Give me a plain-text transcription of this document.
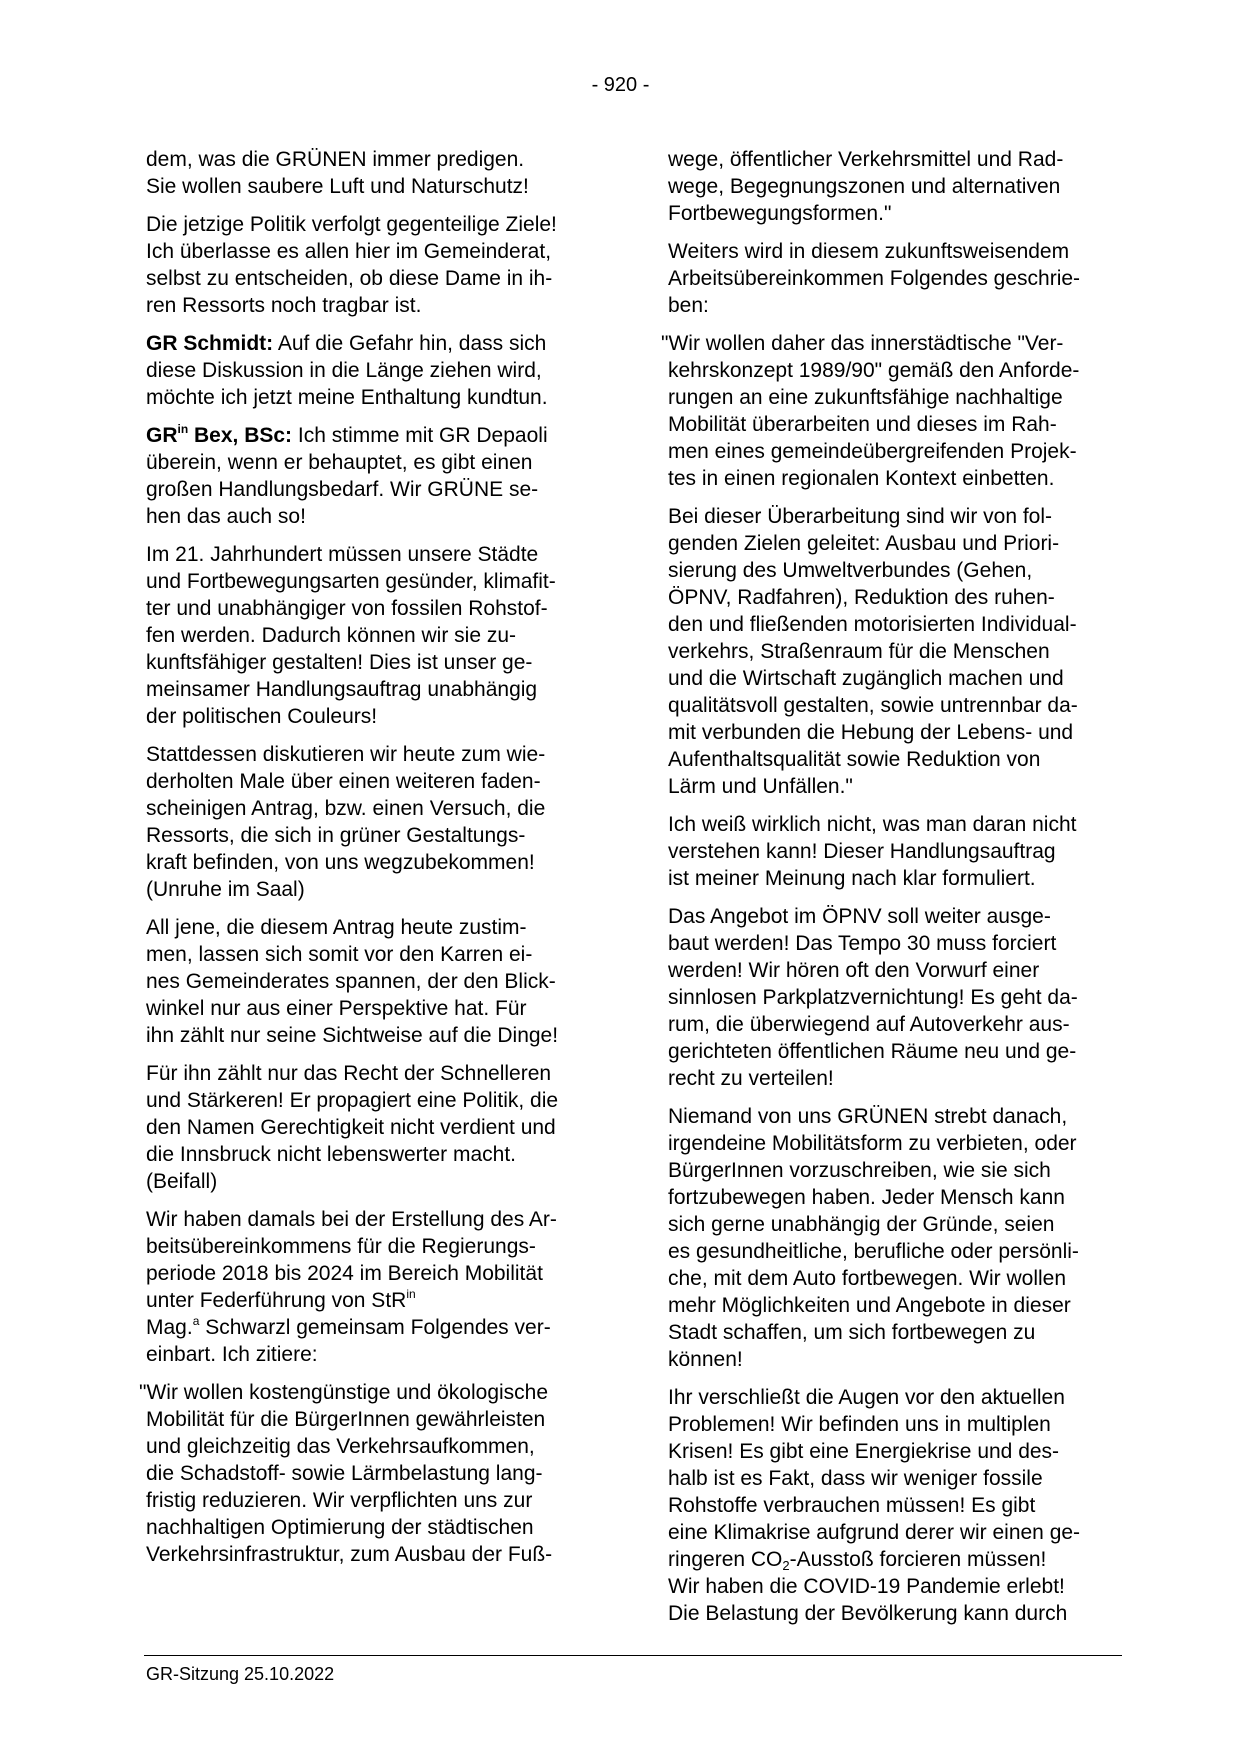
- 920 -

dem, was die GRÜNEN immer predigen.
Sie wollen saubere Luft und Naturschutz!

Die jetzige Politik verfolgt gegenteilige Ziele!
Ich überlasse es allen hier im Gemeinderat,
selbst zu entscheiden, ob diese Dame in ih-
ren Ressorts noch tragbar ist.

GR Schmidt: Auf die Gefahr hin, dass sich
diese Diskussion in die Länge ziehen wird,
möchte ich jetzt meine Enthaltung kundtun.

$GR^{in}$ Bex, BSc: Ich stimme mit GR Depaoli
überein, wenn er behauptet, es gibt einen
großen Handlungsbedarf. Wir GRÜNE se-
hen das auch so!

Im 21. Jahrhundert müssen unsere Städte
und Fortbewegungsarten gesünder, klimafit-
ter und unabhängiger von fossilen Rohstof-
fen werden. Dadurch können wir sie zu-
kunftsfähiger gestalten! Dies ist unser ge-
meinsamer Handlungsauftrag unabhängig
der politischen Couleurs!

Stattdessen diskutieren wir heute zum wie-
derholten Male über einen weiteren faden-
scheinigen Antrag, bzw. einen Versuch, die
Ressorts, die sich in grüner Gestaltungs-
kraft befinden, von uns wegzubekommen!
(Unruhe im Saal)

All jene, die diesem Antrag heute zustim-
men, lassen sich somit vor den Karren ei-
nes Gemeinderates spannen, der den Blick-
winkel nur aus einer Perspektive hat. Für
ihn zählt nur seine Sichtweise auf die Dinge!

Für ihn zählt nur das Recht der Schnelleren
und Stärkeren! Er propagiert eine Politik, die
den Namen Gerechtigkeit nicht verdient und
die Innsbruck nicht lebenswerter macht.
(Beifall)

Wir haben damals bei der Erstellung des Ar-
beitsübereinkommens für die Regierungs-
periode 2018 bis 2024 im Bereich Mobilität
unter Federführung von StR$^{in}$
Mag.$^a$ Schwarzl gemeinsam Folgendes ver-
einbart. Ich zitiere:

"Wir wollen kostengünstige und ökologische
Mobilität für die BürgerInnen gewährleisten
und gleichzeitig das Verkehrsaufkommen,
die Schadstoff- sowie Lärmbelastung lang-
fristig reduzieren. Wir verpflichten uns zur
nachhaltigen Optimierung der städtischen
Verkehrsinfrastruktur, zum Ausbau der Fuß-

wege, öffentlicher Verkehrsmittel und Rad-
wege, Begegnungszonen und alternativen
Fortbewegungsformen."

Weiters wird in diesem zukunftsweisendem
Arbeitsübereinkommen Folgendes geschrie-
ben:

"Wir wollen daher das innerstädtische "Ver-
kehrskonzept 1989/90" gemäß den Anforde-
rungen an eine zukunftsfähige nachhaltige
Mobilität überarbeiten und dieses im Rah-
men eines gemeindeübergreifenden Projek-
tes in einen regionalen Kontext einbetten.

Bei dieser Überarbeitung sind wir von fol-
genden Zielen geleitet: Ausbau und Priori-
sierung des Umweltverbundes (Gehen,
ÖPNV, Radfahren), Reduktion des ruhen-
den und fließenden motorisierten Individual-
verkehrs, Straßenraum für die Menschen
und die Wirtschaft zugänglich machen und
qualitätsvoll gestalten, sowie untrennbar da-
mit verbunden die Hebung der Lebens- und
Aufenthaltsqualität sowie Reduktion von
Lärm und Unfällen."

Ich weiß wirklich nicht, was man daran nicht
verstehen kann! Dieser Handlungsauftrag
ist meiner Meinung nach klar formuliert.

Das Angebot im ÖPNV soll weiter ausge-
baut werden! Das Tempo 30 muss forciert
werden! Wir hören oft den Vorwurf einer
sinnlosen Parkplatzvernichtung! Es geht da-
rum, die überwiegend auf Autoverkehr aus-
gerichteten öffentlichen Räume neu und ge-
recht zu verteilen!

Niemand von uns GRÜNEN strebt danach,
irgendeine Mobilitätsform zu verbieten, oder
BürgerInnen vorzuschreiben, wie sie sich
fortzubewegen haben. Jeder Mensch kann
sich gerne unabhängig der Gründe, seien
es gesundheitliche, berufliche oder persönli-
che, mit dem Auto fortbewegen. Wir wollen
mehr Möglichkeiten und Angebote in dieser
Stadt schaffen, um sich fortbewegen zu
können!

Ihr verschließt die Augen vor den aktuellen
Problemen! Wir befinden uns in multiplen
Krisen! Es gibt eine Energiekrise und des-
halb ist es Fakt, dass wir weniger fossile
Rohstoffe verbrauchen müssen! Es gibt
eine Klimakrise aufgrund derer wir einen ge-
ringeren $CO_2$-Ausstoß forcieren müssen!
Wir haben die COVID-19 Pandemie erlebt!
Die Belastung der Bevölkerung kann durch

GR-Sitzung 25.10.2022
